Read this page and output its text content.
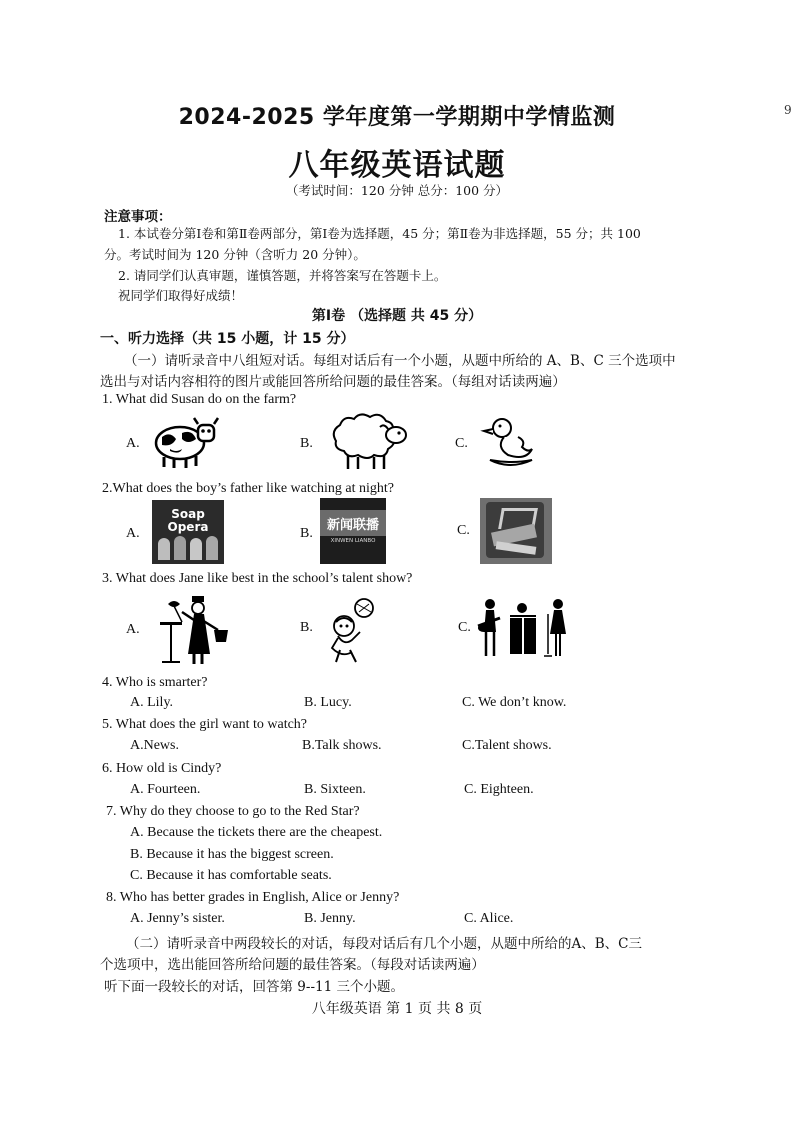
9
2024-2025 学年度第一学期期中学情监测
八年级英语试题
（考试时间：120 分钟 总分：100 分）
注意事项：
1. 本试卷分第Ⅰ卷和第Ⅱ卷两部分，第Ⅰ卷为选择题，45 分；第Ⅱ卷为非选择题，55 分；共 100
分。考试时间为 120 分钟（含听力 20 分钟）。
2. 请同学们认真审题，谨慎答题，并将答案写在答题卡上。
祝同学们取得好成绩！
第Ⅰ卷 （选择题 共 45 分）
一、听力选择（共 15 小题，计 15 分）
（一）请听录音中八组短对话。每组对话后有一个小题，从题中所给的 A、B、C 三个选项中
选出与对话内容相符的图片或能回答所给问题的最佳答案。（每组对话读两遍）
1. What did Susan do on the farm?
A.	B.	C.
2.What does the boy’s father like watching at night?
A.
Soap
Opera	B.
新闻联播
XINWEN LIANBO
C.
3. What does Jane like best in the school’s talent show?
A.	B.	C.
4. Who is smarter?
A. Lily.	B. Lucy.	C. We don’t know.
5. What does the girl want to watch?
A.News.	B.Talk shows.	C.Talent shows.
6. How old is Cindy?
A. Fourteen.	B. Sixteen.	C. Eighteen.
7. Why do they choose to go to the Red Star?
A. Because the tickets there are the cheapest.
B. Because it has the biggest screen.
C. Because it has comfortable seats.
8. Who has better grades in English, Alice or Jenny?
A. Jenny’s sister.	B. Jenny.	C. Alice.
（二）请听录音中两段较长的对话，每段对话后有几个小题，从题中所给的A、B、C三
个选项中，选出能回答所给问题的最佳答案。（每段对话读两遍）
听下面一段较长的对话，回答第 9--11 三个小题。
八年级英语 第 1 页 共 8 页
